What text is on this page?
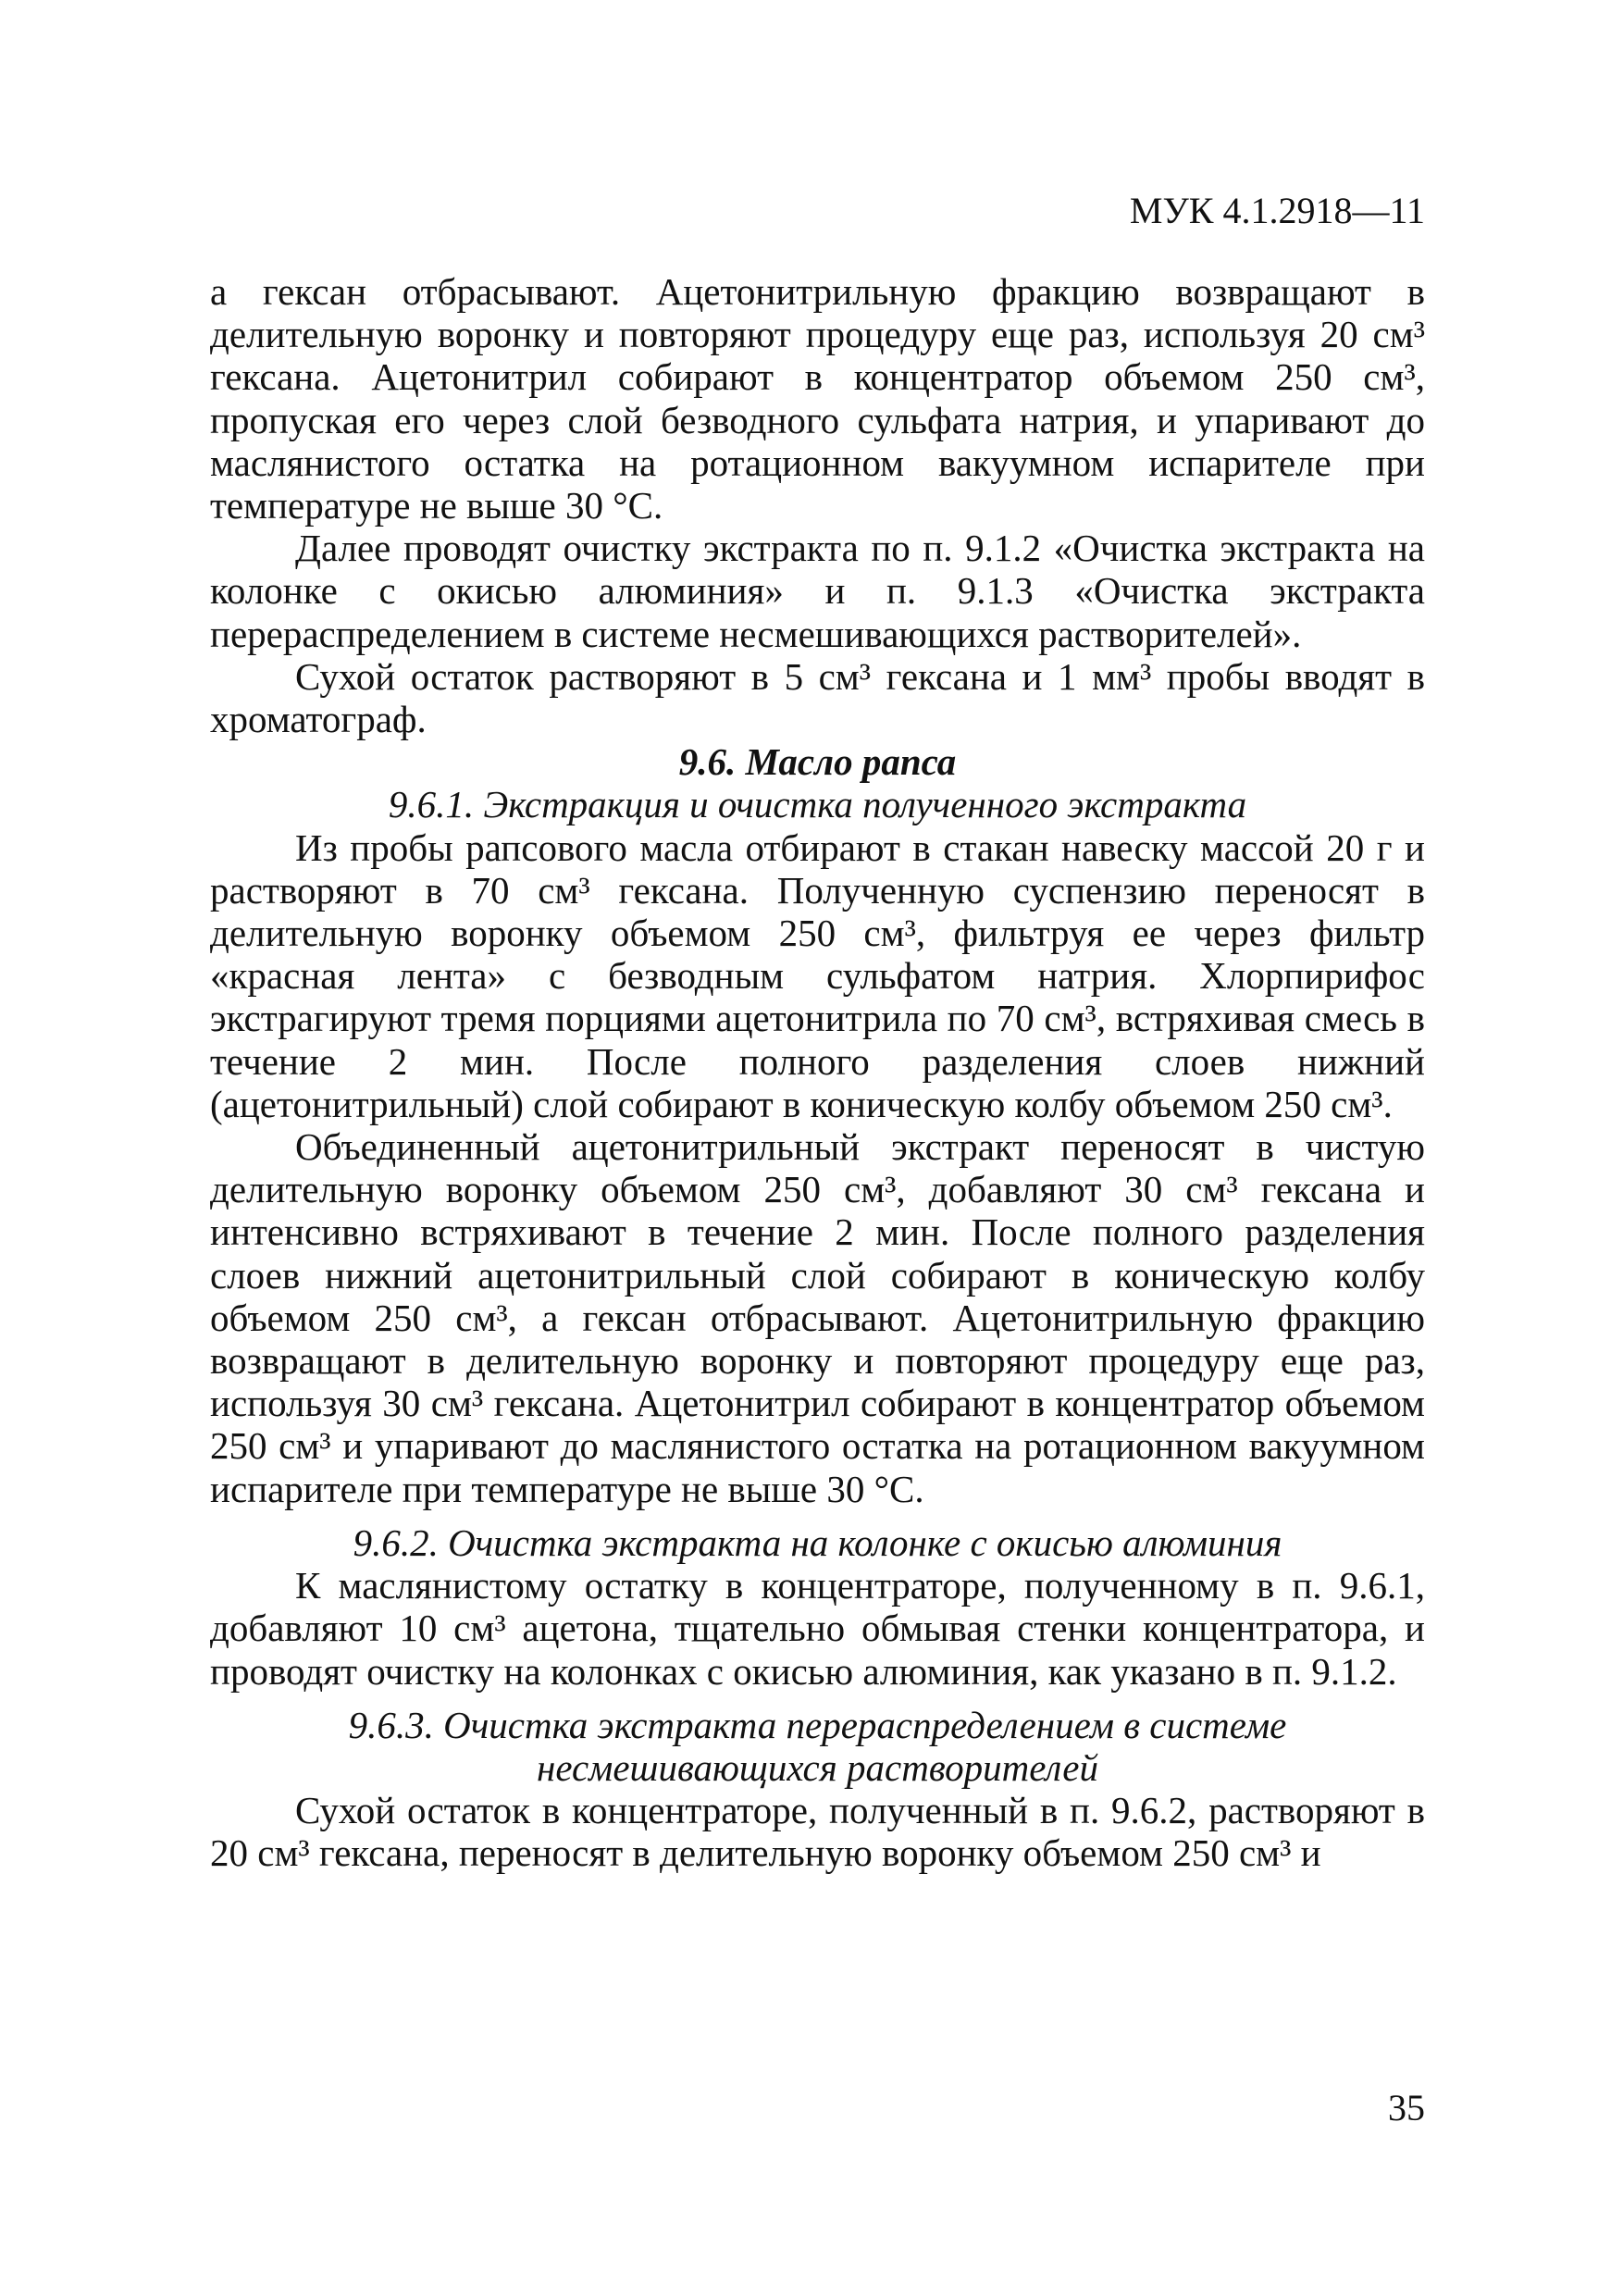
МУК 4.1.2918—11

а гексан отбрасывают. Ацетонитрильную фракцию возвращают в делительную воронку и повторяют процедуру еще раз, используя 20 см³ гексана. Ацетонитрил собирают в концентратор объемом 250 см³, пропуская его через слой безводного сульфата натрия, и упаривают до маслянистого остатка на ротационном вакуумном испарителе при температуре не выше 30 °С.

Далее проводят очистку экстракта по п. 9.1.2 «Очистка экстракта на колонке с окисью алюминия» и п. 9.1.3 «Очистка экстракта перераспределением в системе несмешивающихся растворителей».

Сухой остаток растворяют в 5 см³ гексана и 1 мм³ пробы вводят в хроматограф.

9.6. Масло рапса

9.6.1. Экстракция и очистка полученного экстракта

Из пробы рапсового масла отбирают в стакан навеску массой 20 г и растворяют в 70 см³ гексана. Полученную суспензию переносят в делительную воронку объемом 250 см³, фильтруя ее через фильтр «красная лента» с безводным сульфатом натрия. Хлорпирифос экстрагируют тремя порциями ацетонитрила по 70 см³, встряхивая смесь в течение 2 мин. После полного разделения слоев нижний (ацетонитрильный) слой собирают в коническую колбу объемом 250 см³.

Объединенный ацетонитрильный экстракт переносят в чистую делительную воронку объемом 250 см³, добавляют 30 см³ гексана и интенсивно встряхивают в течение 2 мин. После полного разделения слоев нижний ацетонитрильный слой собирают в коническую колбу объемом 250 см³, а гексан отбрасывают. Ацетонитрильную фракцию возвращают в делительную воронку и повторяют процедуру еще раз, используя 30 см³ гексана. Ацетонитрил собирают в концентратор объемом 250 см³ и упаривают до маслянистого остатка на ротационном вакуумном испарителе при температуре не выше 30 °С.

9.6.2. Очистка экстракта на колонке с окисью алюминия

К маслянистому остатку в концентраторе, полученному в п. 9.6.1, добавляют 10 см³ ацетона, тщательно обмывая стенки концентратора, и проводят очистку на колонках с окисью алюминия, как указано в п. 9.1.2.

9.6.3. Очистка экстракта перераспределением в системе

несмешивающихся растворителей

Сухой остаток в концентраторе, полученный в п. 9.6.2, растворяют в 20 см³ гексана, переносят в делительную воронку объемом 250 см³ и

35
